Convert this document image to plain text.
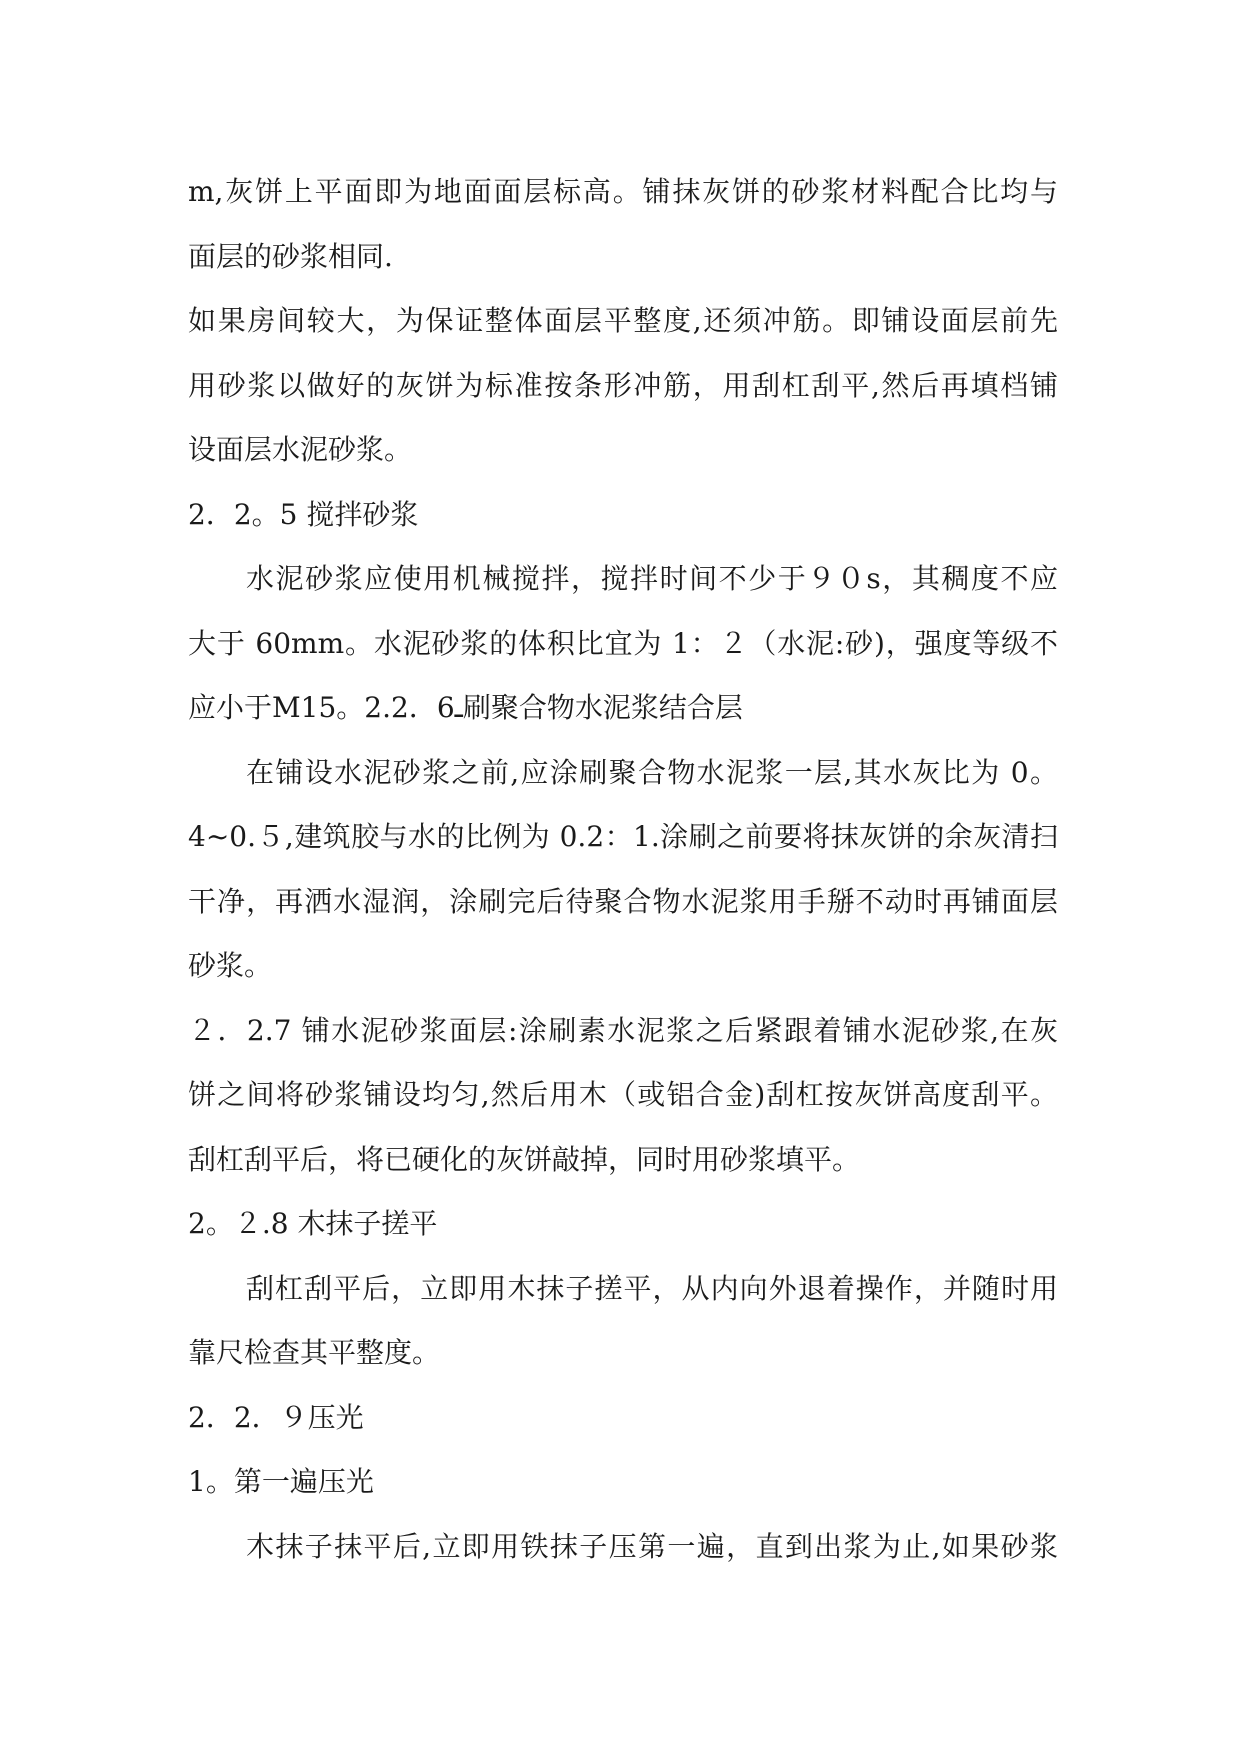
m,灰饼上平面即为地面面层标高。铺抹灰饼的砂浆材料配合比均与
面层的砂浆相同.
如果房间较大，为保证整体面层平整度,还须冲筋。即铺设面层前先
用砂浆以做好的灰饼为标准按条形冲筋，用刮杠刮平,然后再填档铺
设面层水泥砂浆。
2．2。5 搅拌砂浆
水泥砂浆应使用机械搅拌，搅拌时间不少于９０s，其稠度不应
大于 60mm。水泥砂浆的体积比宜为 1：２（水泥:砂)，强度等级不
应小于M15。2.2．6ـ刷聚合物水泥浆结合层
在铺设水泥砂浆之前,应涂刷聚合物水泥浆一层,其水灰比为 0。
4~0.５,建筑胶与水的比例为 0.2：1.涂刷之前要将抹灰饼的余灰清扫
干净，再洒水湿润，涂刷完后待聚合物水泥浆用手掰不动时再铺面层
砂浆。
２．2.7 铺水泥砂浆面层:涂刷素水泥浆之后紧跟着铺水泥砂浆,在灰
饼之间将砂浆铺设均匀,然后用木（或铝合金)刮杠按灰饼高度刮平。
刮杠刮平后，将已硬化的灰饼敲掉，同时用砂浆填平。
2。２.8 木抹子搓平
刮杠刮平后，立即用木抹子搓平，从内向外退着操作，并随时用
靠尺检查其平整度。
2．2．９压光
1。第一遍压光
木抹子抹平后,立即用铁抹子压第一遍，直到出浆为止,如果砂浆
